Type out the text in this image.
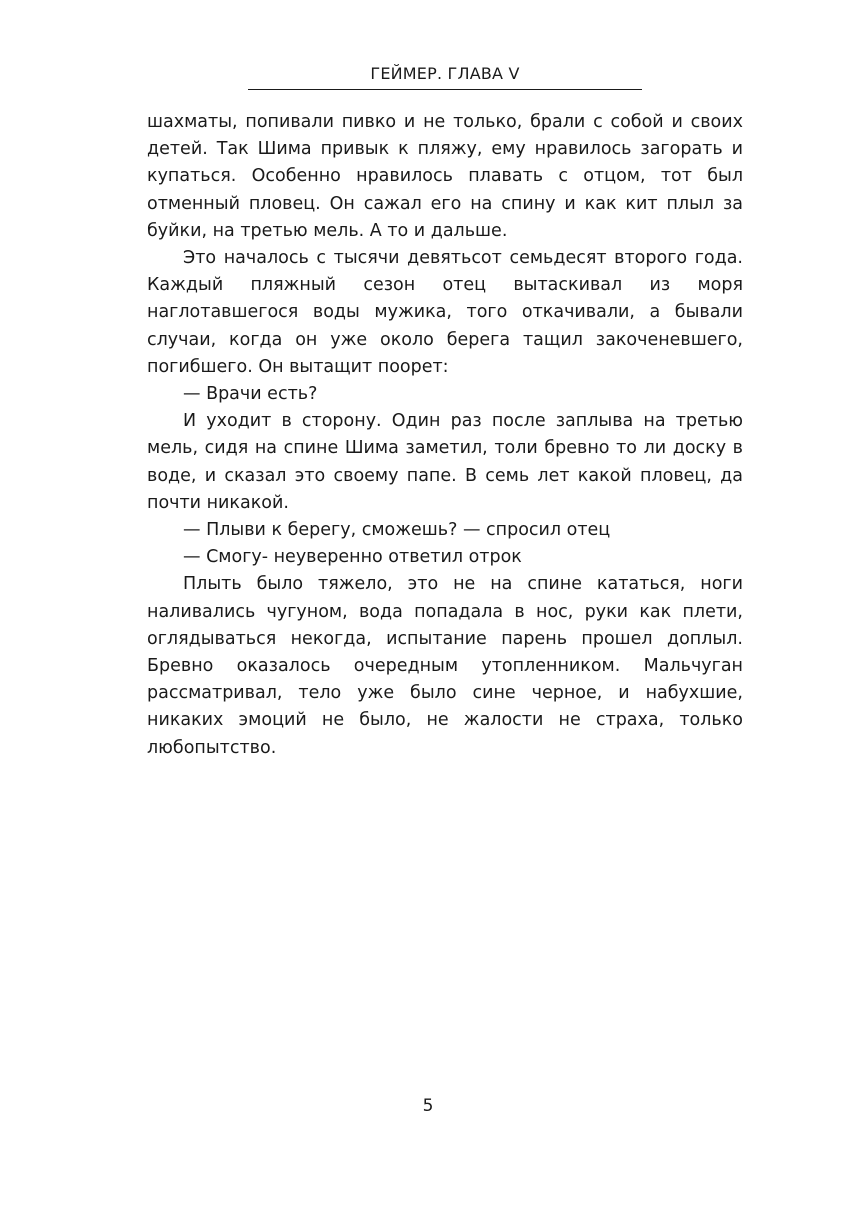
ГЕЙМЕР. ГЛАВА V

шахматы, попивали пивко и не только, брали с собой и своих детей. Так Шима привык к пляжу, ему нравилось загорать и купаться. Особенно нравилось плавать с отцом, тот был отменный пловец. Он сажал его на спину и как кит плыл за буйки, на третью мель. А то и дальше.

Это началось с тысячи девятьсот семьдесят второго года. Каждый пляжный сезон отец вытаскивал из моря наглотавшегося воды мужика, того откачивали, а бывали случаи, когда он уже около берега тащил закоченевшего, погибшего. Он вытащит поорет:

— Врачи есть?

И уходит в сторону. Один раз после заплыва на третью мель, сидя на спине Шима заметил, толи бревно то ли доску в воде, и сказал это своему папе. В семь лет какой пловец, да почти никакой.

— Плыви к берегу, сможешь? — спросил отец

— Смогу- неуверенно ответил отрок

Плыть было тяжело, это не на спине кататься, ноги наливались чугуном, вода попадала в нос, руки как плети, оглядываться некогда, испытание парень прошел доплыл. Бревно оказалось очередным утопленником. Мальчуган рассматривал, тело уже было сине черное, и набухшие, никаких эмоций не было, не жалости не страха, только любопытство.

5
